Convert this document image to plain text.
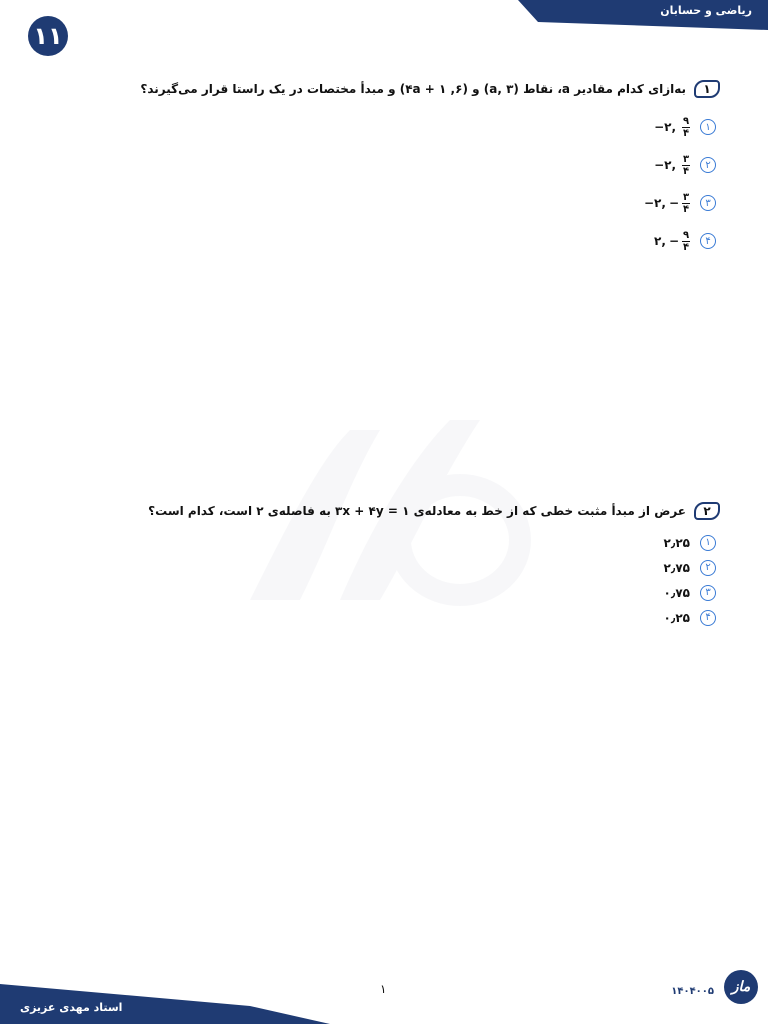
ریاضی و حسابان
۱۱
۱
به‌ازای کدام مقادیر a، نقاط (a, ۳) و (۶, ۴a + ۱) و مبدأ مختصات در یک راستا قرار می‌گیرند؟
۱
−۲, $\frac{۹}{۴}$
۲
−۲, $\frac{۳}{۴}$
۳
−۲, − $\frac{۳}{۴}$
۴
۲, − $\frac{۹}{۴}$
۲
عرض از مبدأ مثبت خطی که از خط به معادله‌ی ۳x + ۴y = ۱ به فاصله‌ی ۲ است، کدام است؟
۱
۲٫۲۵
۲
۲٫۷۵
۳
۰٫۷۵
۴
۰٫۲۵
استاد مهدی عزیزی
۱	۱۴۰۴۰۰۵	ماز
